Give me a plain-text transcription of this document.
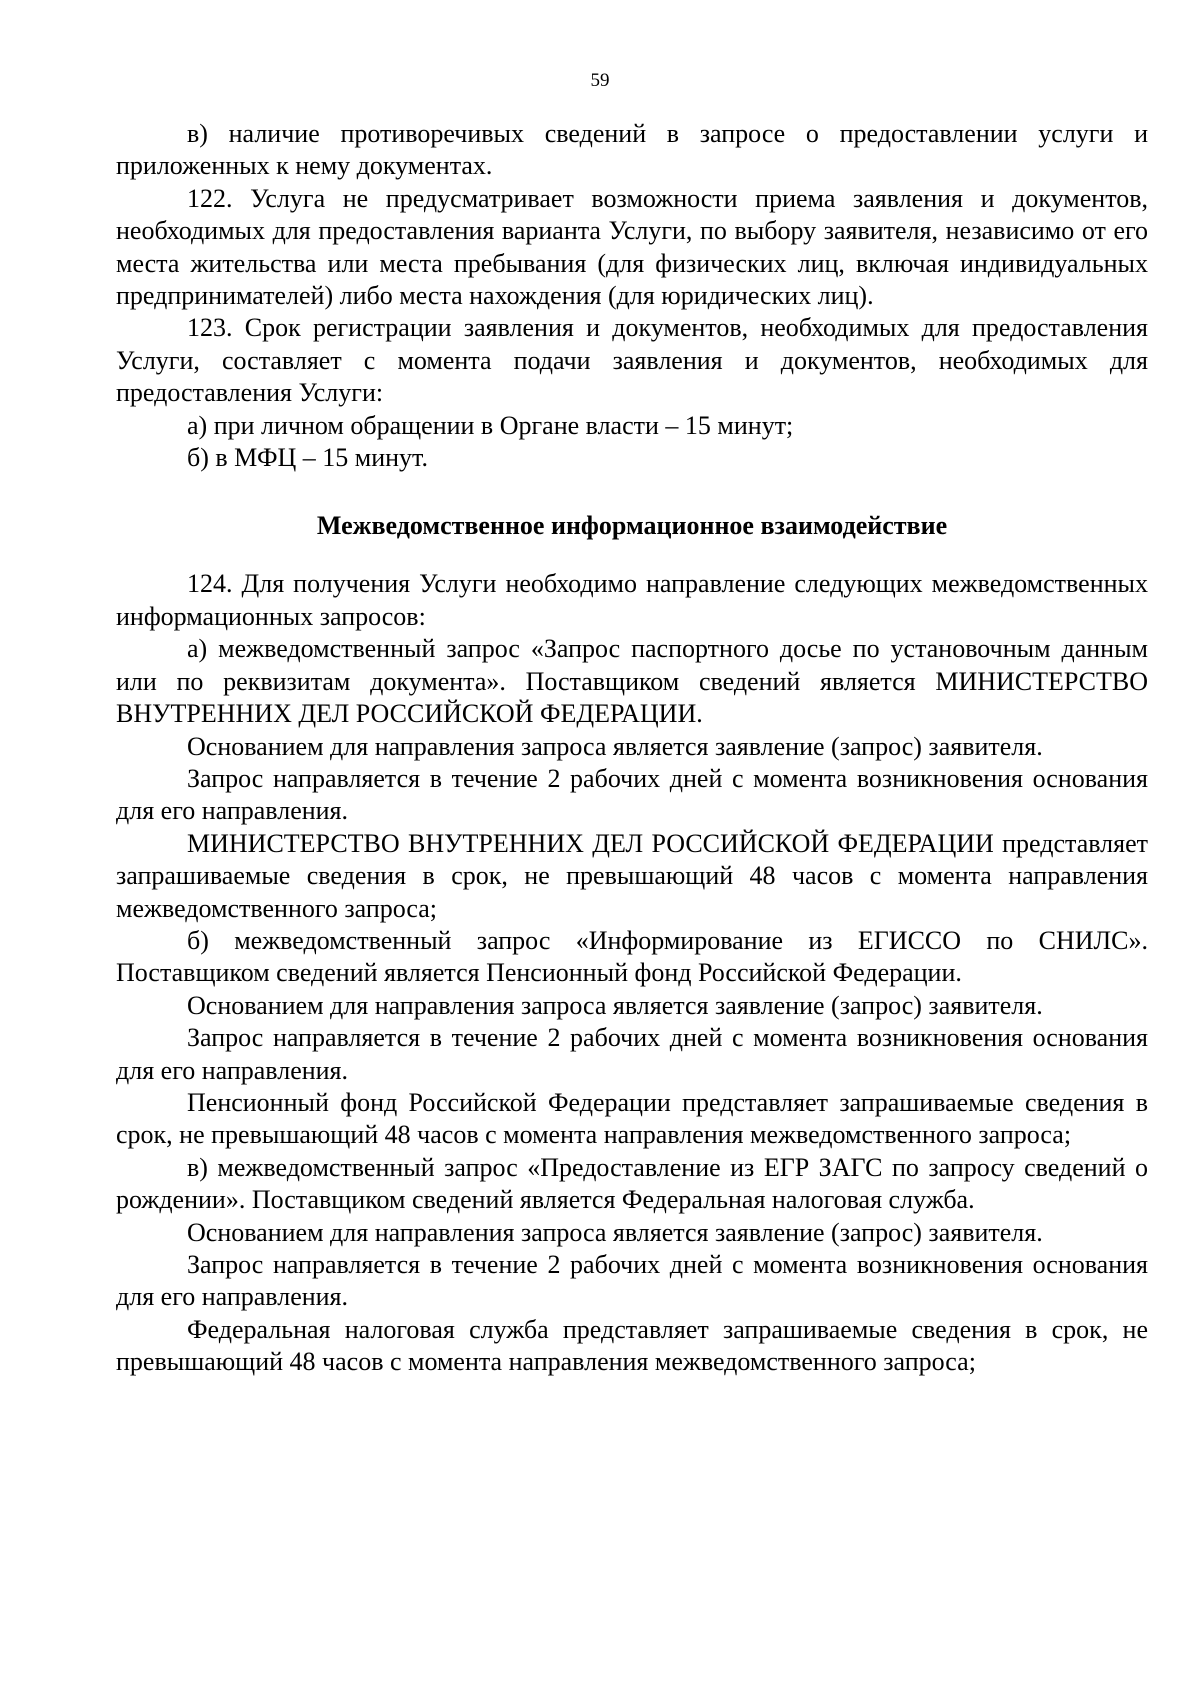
59

в) наличие противоречивых сведений в запросе о предоставлении услуги и приложенных к нему документах.

122. Услуга не предусматривает возможности приема заявления и документов, необходимых для предоставления варианта Услуги, по выбору заявителя, независимо от его места жительства или места пребывания (для физических лиц, включая индивидуальных предпринимателей) либо места нахождения (для юридических лиц).

123. Срок регистрации заявления и документов, необходимых для предоставления Услуги, составляет с момента подачи заявления и документов, необходимых для предоставления Услуги:

а) при личном обращении в Органе власти – 15 минут;

б) в МФЦ – 15 минут.

Межведомственное информационное взаимодействие

124. Для получения Услуги необходимо направление следующих межведомственных информационных запросов:

а) межведомственный запрос «Запрос паспортного досье по установочным данным или по реквизитам документа». Поставщиком сведений является МИНИСТЕРСТВО ВНУТРЕННИХ ДЕЛ РОССИЙСКОЙ ФЕДЕРАЦИИ.

Основанием для направления запроса является заявление (запрос) заявителя.

Запрос направляется в течение 2 рабочих дней с момента возникновения основания для его направления.

МИНИСТЕРСТВО ВНУТРЕННИХ ДЕЛ РОССИЙСКОЙ ФЕДЕРАЦИИ представляет запрашиваемые сведения в срок, не превышающий 48 часов с момента направления межведомственного запроса;

б) межведомственный запрос «Информирование из ЕГИССО по СНИЛС». Поставщиком сведений является Пенсионный фонд Российской Федерации.

Основанием для направления запроса является заявление (запрос) заявителя.

Запрос направляется в течение 2 рабочих дней с момента возникновения основания для его направления.

Пенсионный фонд Российской Федерации представляет запрашиваемые сведения в срок, не превышающий 48 часов с момента направления межведомственного запроса;

в) межведомственный запрос «Предоставление из ЕГР ЗАГС по запросу сведений о рождении». Поставщиком сведений является Федеральная налоговая служба.

Основанием для направления запроса является заявление (запрос) заявителя.

Запрос направляется в течение 2 рабочих дней с момента возникновения основания для его направления.

Федеральная налоговая служба представляет запрашиваемые сведения в срок, не превышающий 48 часов с момента направления межведомственного запроса;
